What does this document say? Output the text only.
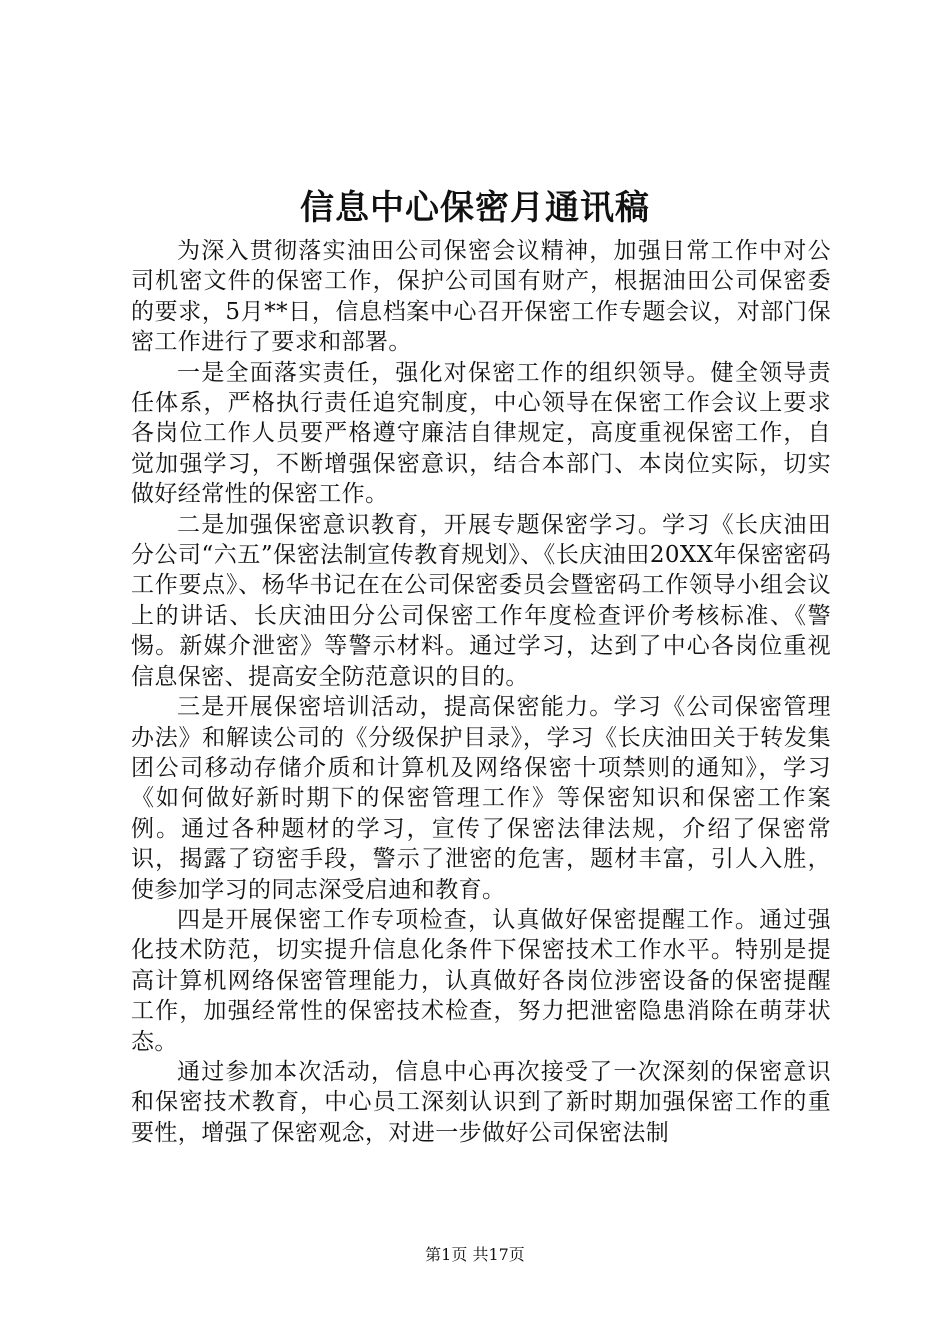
信息中心保密月通讯稿

为深入贯彻落实油田公司保密会议精神，加强日常工作中对公司机密文件的保密工作，保护公司国有财产，根据油田公司保密委的要求，5月**日，信息档案中心召开保密工作专题会议，对部门保密工作进行了要求和部署。

一是全面落实责任，强化对保密工作的组织领导。健全领导责任体系，严格执行责任追究制度，中心领导在保密工作会议上要求各岗位工作人员要严格遵守廉洁自律规定，高度重视保密工作，自觉加强学习，不断增强保密意识，结合本部门、本岗位实际，切实做好经常性的保密工作。

二是加强保密意识教育，开展专题保密学习。学习《长庆油田分公司“六五”保密法制宣传教育规划》、《长庆油田20XX年保密密码工作要点》、杨华书记在在公司保密委员会暨密码工作领导小组会议上的讲话、长庆油田分公司保密工作年度检查评价考核标准、《警惕。新媒介泄密》等警示材料。通过学习，达到了中心各岗位重视信息保密、提高安全防范意识的目的。

三是开展保密培训活动，提高保密能力。学习《公司保密管理办法》和解读公司的《分级保护目录》，学习《长庆油田关于转发集团公司移动存储介质和计算机及网络保密十项禁则的通知》，学习《如何做好新时期下的保密管理工作》等保密知识和保密工作案例。通过各种题材的学习，宣传了保密法律法规，介绍了保密常识，揭露了窃密手段，警示了泄密的危害，题材丰富，引人入胜，使参加学习的同志深受启迪和教育。

四是开展保密工作专项检查，认真做好保密提醒工作。通过强化技术防范，切实提升信息化条件下保密技术工作水平。特别是提高计算机网络保密管理能力，认真做好各岗位涉密设备的保密提醒工作，加强经常性的保密技术检查，努力把泄密隐患消除在萌芽状态。

通过参加本次活动，信息中心再次接受了一次深刻的保密意识和保密技术教育，中心员工深刻认识到了新时期加强保密工作的重要性，增强了保密观念，对进一步做好公司保密法制

第1页 共17页
